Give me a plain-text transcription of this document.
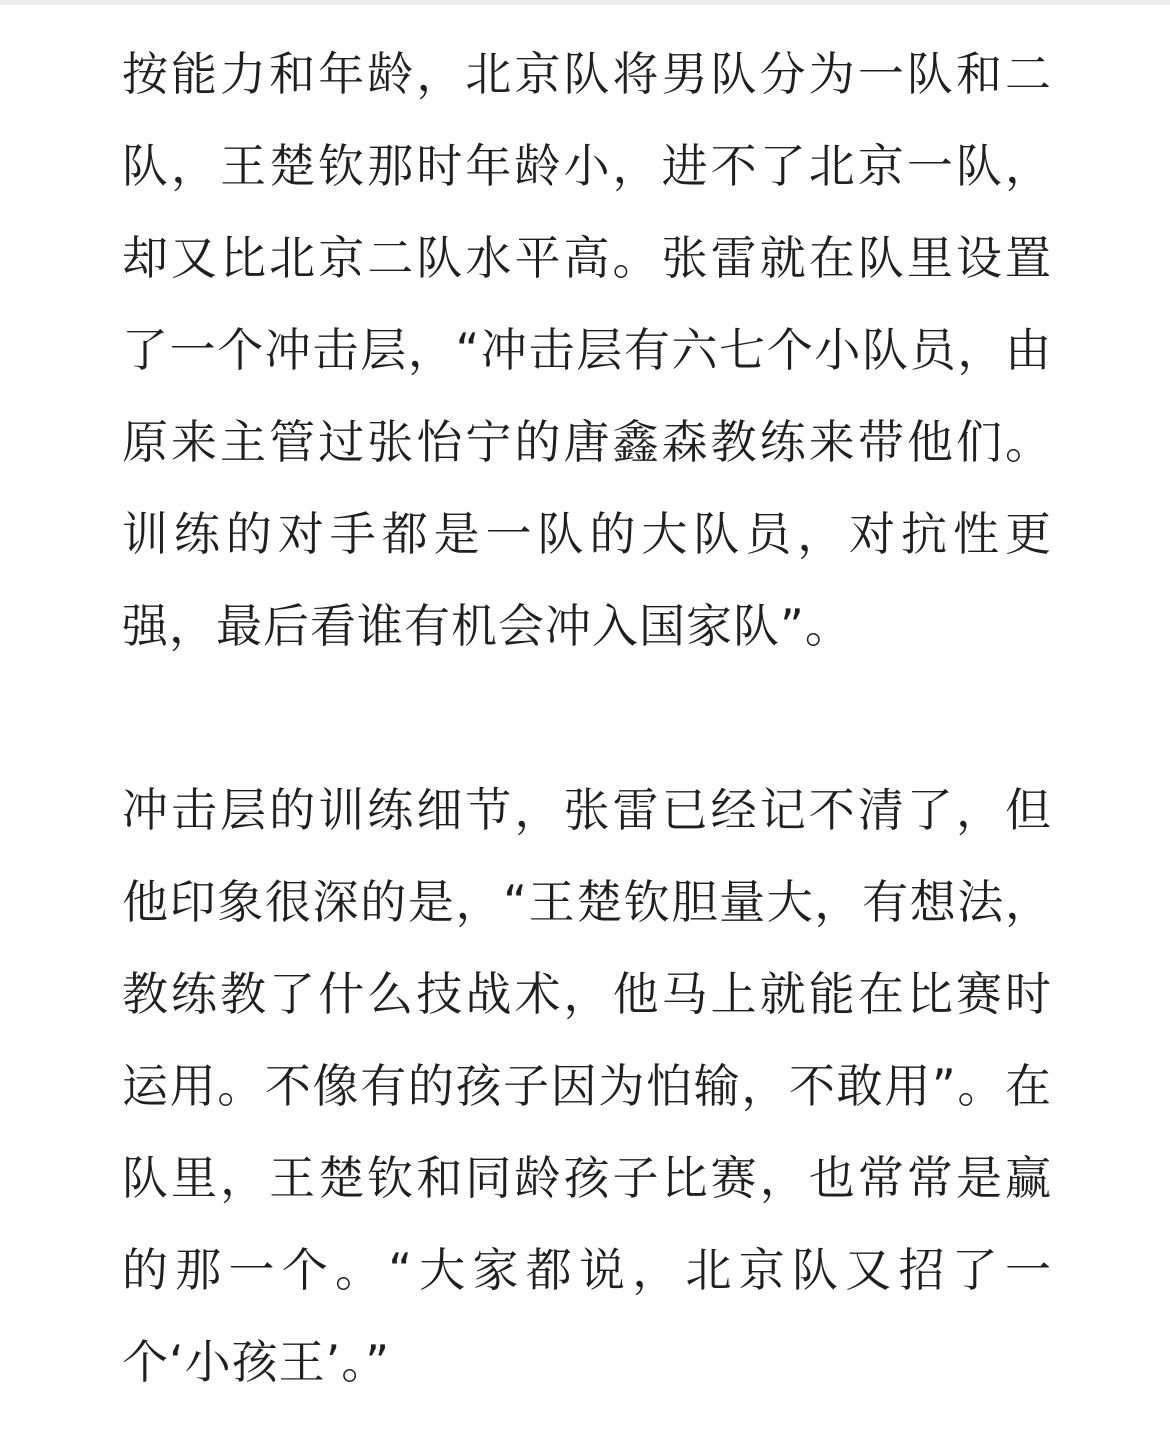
按能力和年龄，北京队将男队分为一队和二队，王楚钦那时年龄小，进不了北京一队，却又比北京二队水平高。张雷就在队里设置了一个冲击层，“冲击层有六七个小队员，由原来主管过张怡宁的唐鑫森教练来带他们。训练的对手都是一队的大队员，对抗性更强，最后看谁有机会冲入国家队”。

冲击层的训练细节，张雷已经记不清了，但他印象很深的是，“王楚钦胆量大，有想法，教练教了什么技战术，他马上就能在比赛时运用。不像有的孩子因为怕输，不敢用”。在队里，王楚钦和同龄孩子比赛，也常常是赢的那一个。“大家都说，北京队又招了一个‘小孩王’。”
